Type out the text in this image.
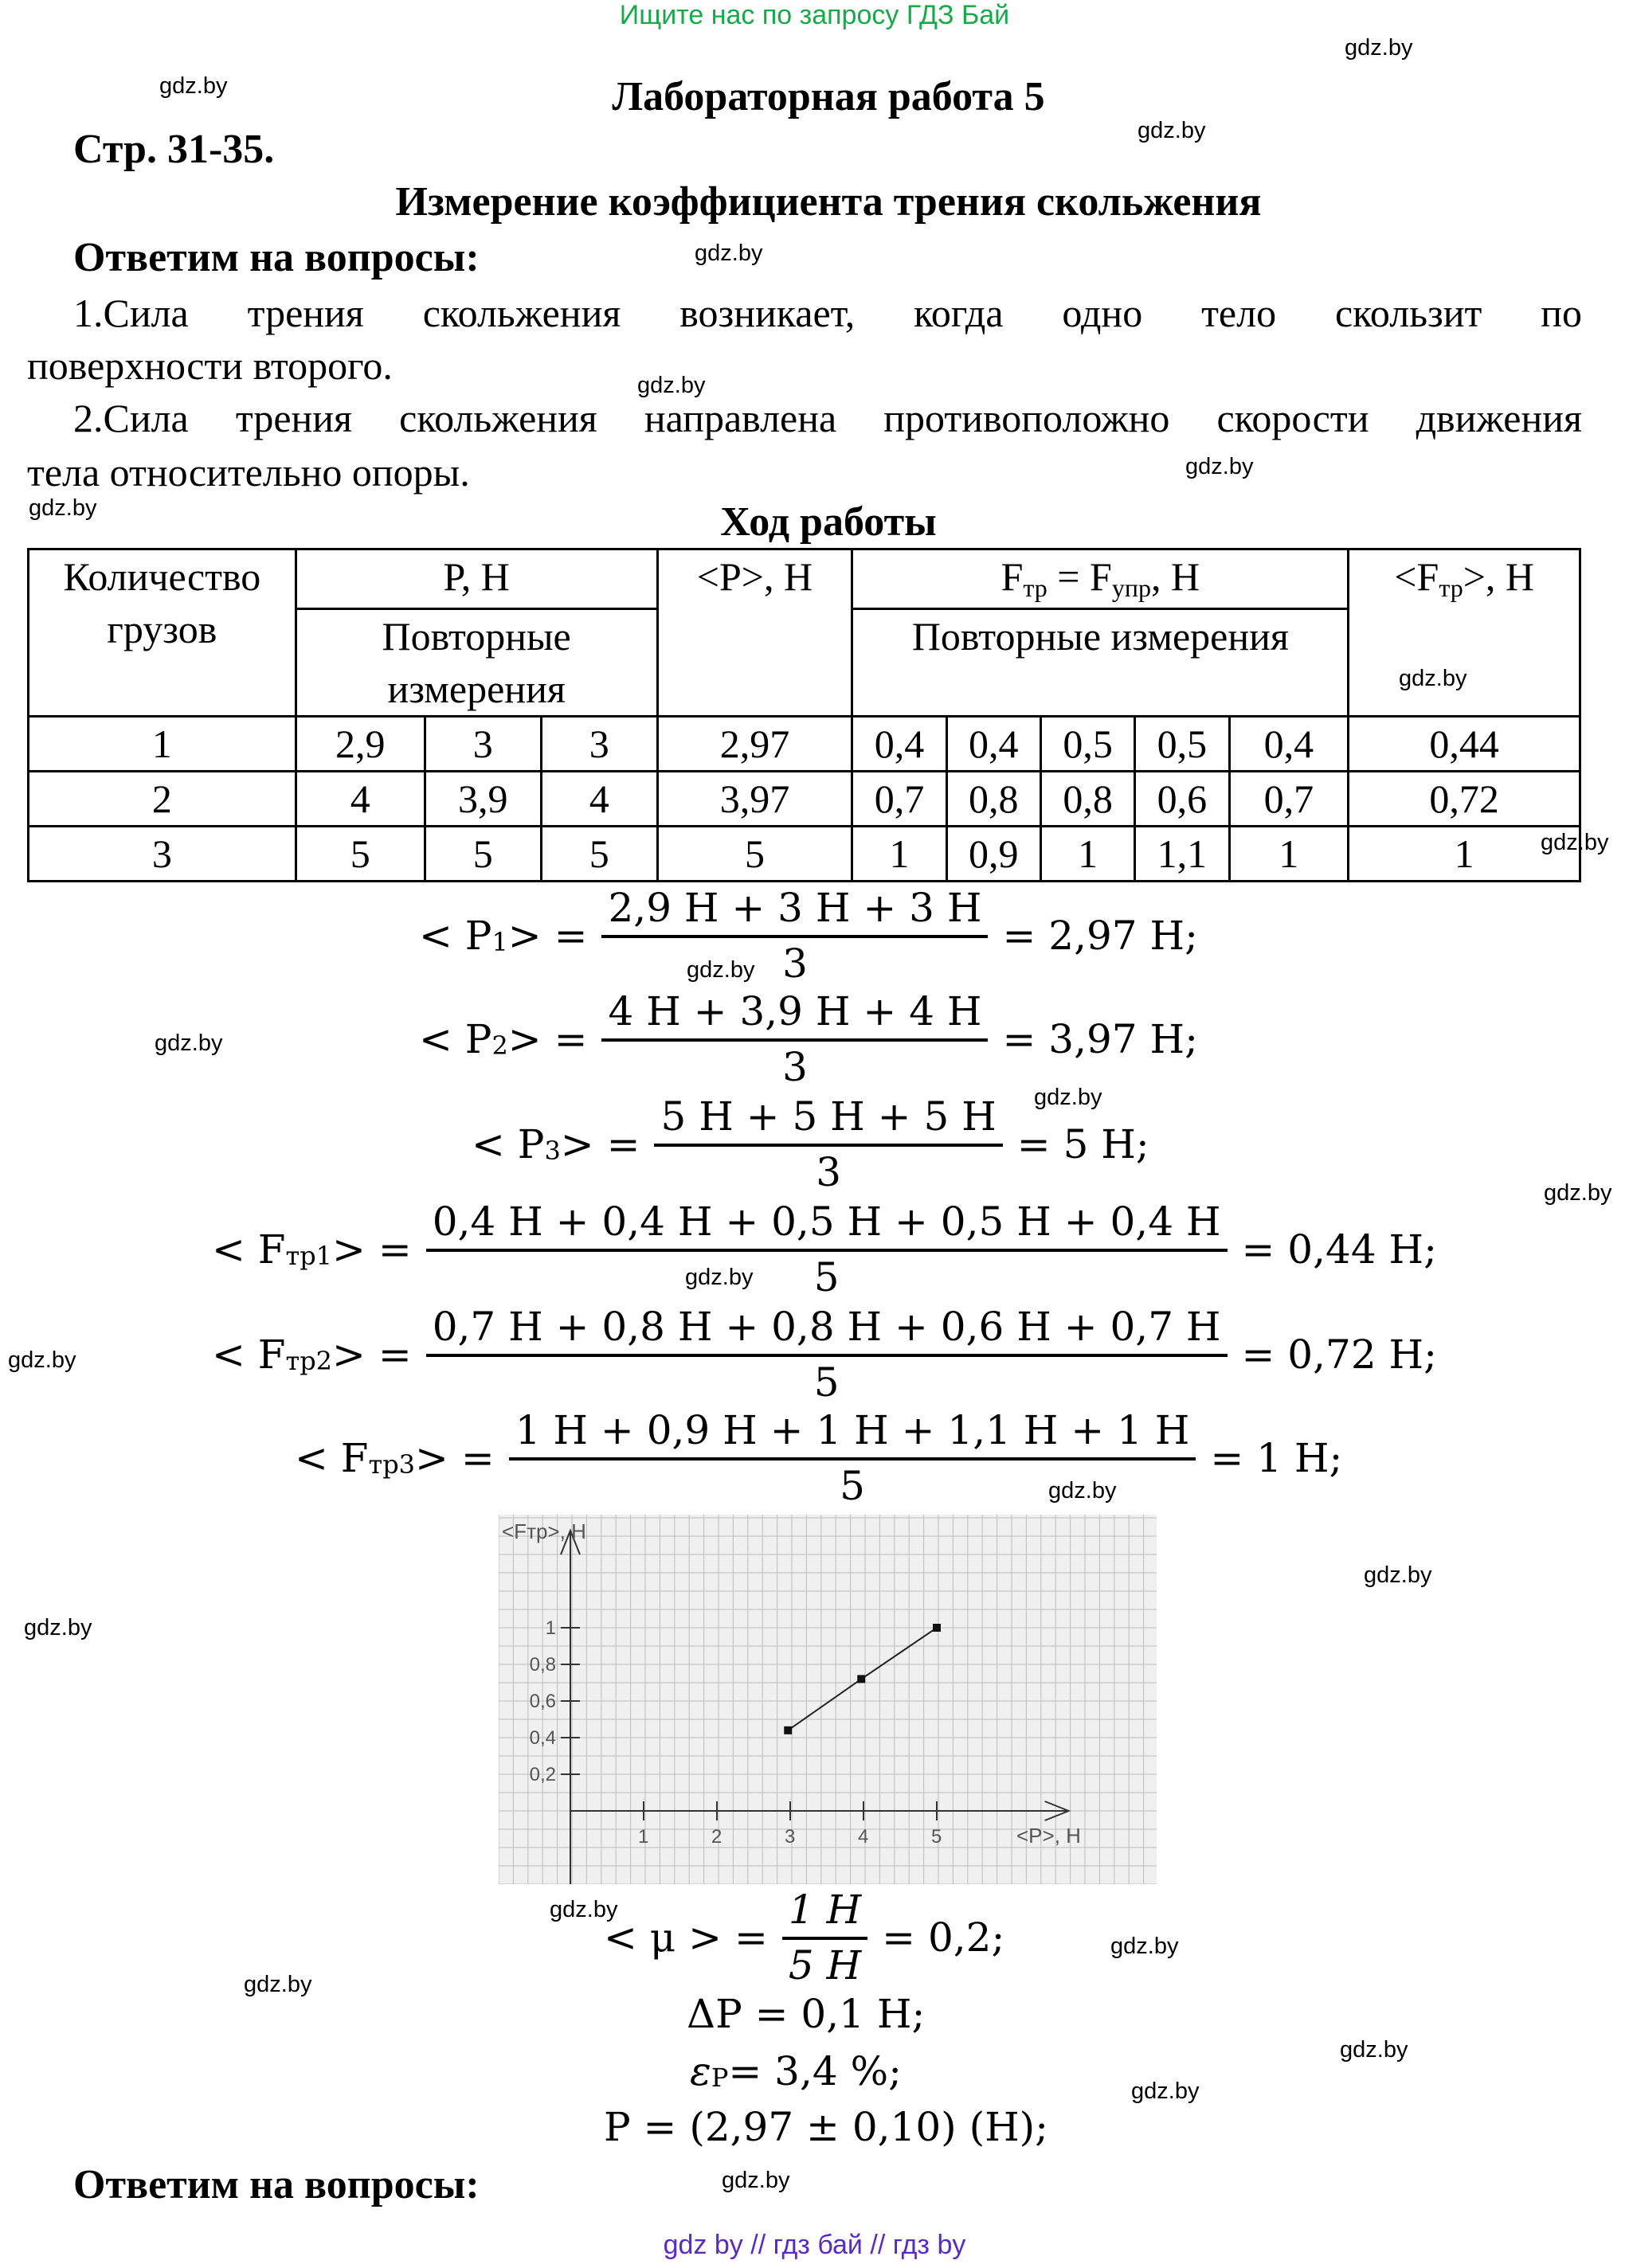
Ищите нас по запросу ГДЗ Бай
gdz.by
gdz.by
gdz.by
gdz.by
gdz.by
gdz.by
gdz.by
gdz.by
gdz.by
gdz.by
gdz.by
gdz.by
gdz.by
gdz.by
gdz.by
gdz.by
gdz.by
gdz.by
gdz.by
gdz.by
gdz.by
gdz.by
gdz.by
gdz.by
Лабораторная работа 5
Стр. 31-35.
Измерение коэффициента трения скольжения
Ответим на вопросы:
1.Сила трения скольжения возникает, когда одно тело скользит по
поверхности второго.
2.Сила трения скольжения направлена противоположно скорости движения
тела относительно опоры.
Ход работы
Количество грузов	P, H			<P>, H	Fтр = Fупр, H					<Fтр>, H
	Повторные измерения				Повторные измерения					
1	2,9	3	3	2,97	0,4	0,4	0,5	0,5	0,4	0,44
2	4	3,9	4	3,97	0,7	0,8	0,8	0,6	0,7	0,72
3	5	5	5	5	1	0,9	1	1,1	1	1
< P 1 > = $\frac{2,9 Н + 3 Н + 3 Н}{3} = 2,97$ Н;
< P 2 > = $\frac{4 Н + 3,9 Н + 4 Н}{3} = 3,97$ Н;
< P 3 > = $\frac{5 Н + 5 Н + 5 Н}{3} = 5$ Н;
< F тр1 > = $\frac{0,4 Н + 0,4 Н + 0,5 Н + 0,5 Н + 0,4 Н}{5} = 0,44$ Н;
< F тр2 > = $\frac{0,7 Н + 0,8 Н + 0,8 Н + 0,6 Н + 0,7 Н}{5} = 0,72$ Н;
< F тр3 > = $\frac{1 Н + 0,9 Н + 1 Н + 1,1 Н + 1 Н}{5} = 1$ Н;
1	2	3	4	5
0,2
0,4
0,6
0,8
1
<Fтр>, Н
<P>, Н
< μ > = $\frac{1 H}{5 H} = 0,2$;
ΔP = 0,1 Н;
ε P = 3,4 %;
P = (2,97 ± 0,10) (Н);
Ответим на вопросы:
gdz by // гдз бай // гдз by
